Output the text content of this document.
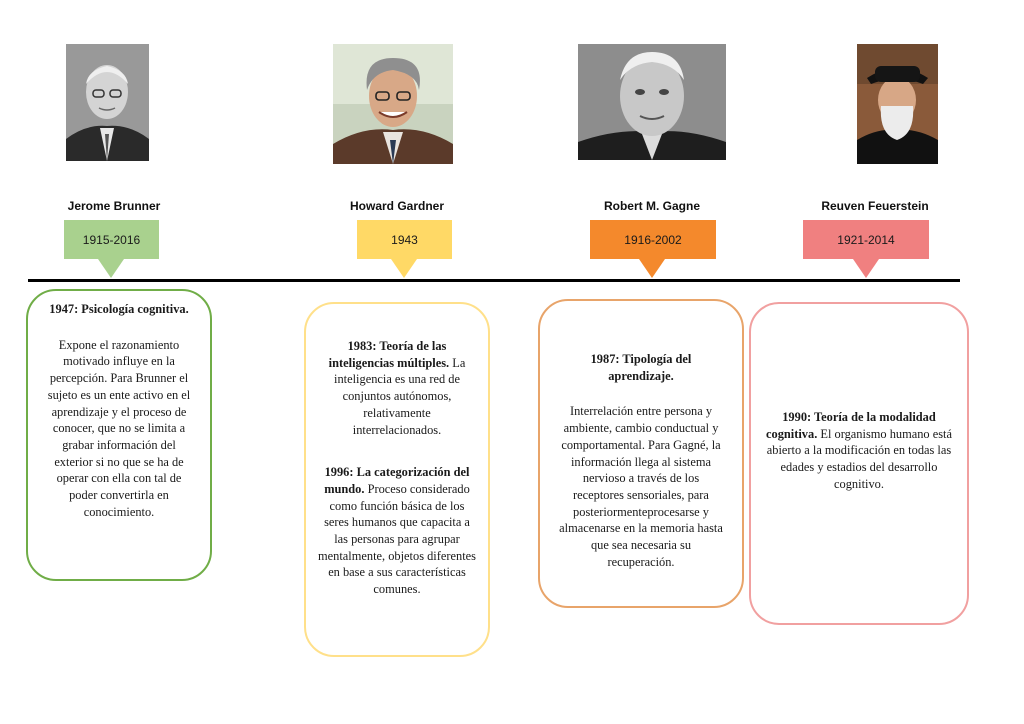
Jerome Brunner	Howard Gardner	Robert M. Gagne	Reuven Feuerstein
1915-2016	1943	1916-2002	1921-2014

1947: Psicología cognitiva.

Expone el razonamiento motivado influye en la percepción. Para Brunner el sujeto es un ente activo en el aprendizaje y el proceso de conocer, que no se limita a grabar información del exterior si no que se ha de operar con ella con tal de poder convertirla en conocimiento.

1983: Teoría de las inteligencias múltiples. La inteligencia es una red de conjuntos autónomos, relativamente interrelacionados.

1996: La categorización del mundo. Proceso considerado como función básica de los seres humanos que capacita a las personas para agrupar mentalmente, objetos diferentes en base a sus características comunes.

1987: Tipología del aprendizaje.

Interrelación entre persona y ambiente, cambio conductual y comportamental. Para Gagné, la información llega al sistema nervioso a través de los receptores sensoriales, para posteriormenteprocesarse y almacenarse en la memoria hasta que sea necesaria su recuperación.

1990: Teoría de la modalidad cognitiva. El organismo humano está abierto a la modificación en todas las edades y estadios del desarrollo cognitivo.
